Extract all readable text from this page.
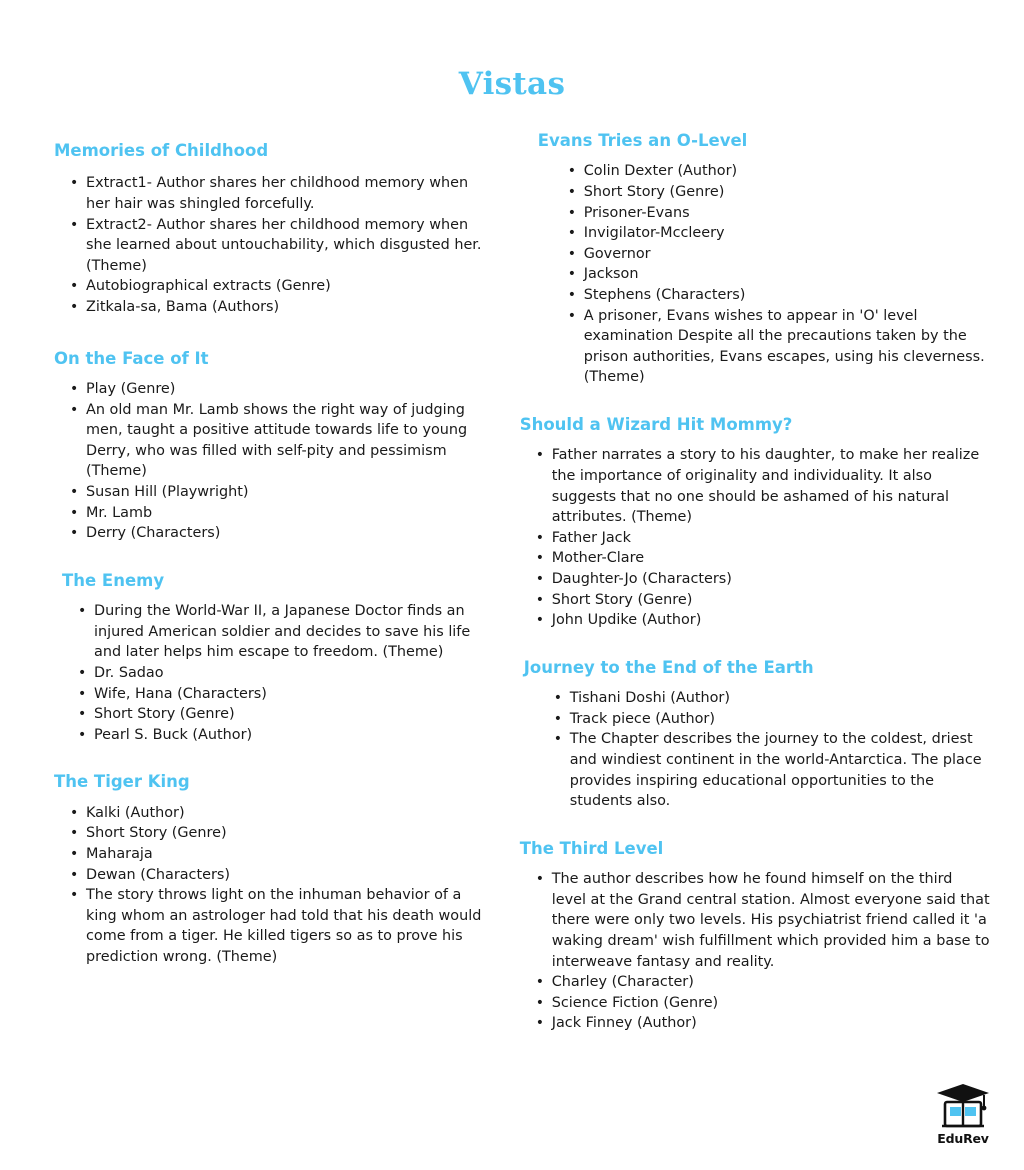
Vistas
Memories of Childhood
• Extract1- Author shares her childhood memory when her hair was shingled forcefully.
• Extract2- Author shares her childhood memory when she learned about untouchability, which disgusted her. (Theme)
• Autobiographical extracts (Genre)
• Zitkala-sa, Bama (Authors)
On the Face of It
• Play (Genre)
• An old man Mr. Lamb shows the right way of judging men, taught a positive attitude towards life to young Derry, who was filled with self-pity and pessimism (Theme)
• Susan Hill (Playwright)
• Mr. Lamb
• Derry (Characters)
The Enemy
• During the World-War II, a Japanese Doctor finds an injured American soldier and decides to save his life and later helps him escape to freedom. (Theme)
• Dr. Sadao
• Wife, Hana (Characters)
• Short Story (Genre)
• Pearl S. Buck (Author)
The Tiger King
• Kalki (Author)
• Short Story (Genre)
• Maharaja
• Dewan (Characters)
• The story throws light on the inhuman behavior of a king whom an astrologer had told that his death would come from a tiger. He killed tigers so as to prove his prediction wrong. (Theme)
Evans Tries an O-Level
• Colin Dexter (Author)
• Short Story (Genre)
• Prisoner-Evans
• Invigilator-Mccleery
• Governor
• Jackson
• Stephens (Characters)
• A prisoner, Evans wishes to appear in 'O' level examination Despite all the precautions taken by the prison authorities, Evans escapes, using his cleverness. (Theme)
Should a Wizard Hit Mommy?
• Father narrates a story to his daughter, to make her realize the importance of originality and individuality. It also suggests that no one should be ashamed of his natural attributes. (Theme)
• Father Jack
• Mother-Clare
• Daughter-Jo (Characters)
• Short Story (Genre)
• John Updike (Author)
Journey to the End of the Earth
• Tishani Doshi (Author)
• Track piece (Author)
• The Chapter describes the journey to the coldest, driest and windiest continent in the world-Antarctica. The place provides inspiring educational opportunities to the students also.
The Third Level
• The author describes how he found himself on the third level at the Grand central station. Almost everyone said that there were only two levels. His psychiatrist friend called it 'a waking dream' wish fulfillment which provided him a base to interweave fantasy and reality.
• Charley (Character)
• Science Fiction (Genre)
• Jack Finney (Author)
EduRev
